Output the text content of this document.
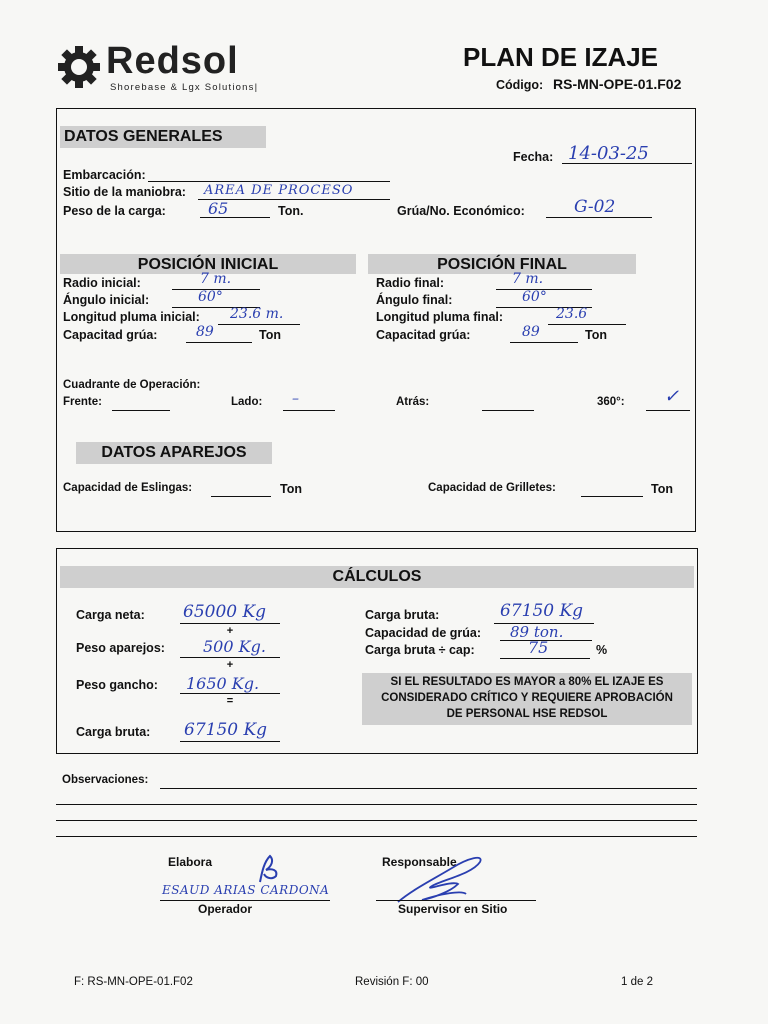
Redsol
Shorebase & Lgx Solutions|
PLAN DE IZAJE
Código: RS-MN-OPE-01.F02
DATOS GENERALES
Fecha: 14-03-25
Embarcación:
Sitio de la maniobra: AREA DE PROCESO
Peso de la carga:	65	Ton.	Grúa/No. Económico:	G-02
POSICIÓN INICIAL
Radio inicial:	7 m.
Ángulo inicial:	60°
Longitud pluma inicial: 23.6 m.
Capacitad grúa:	89	Ton
POSICIÓN FINAL
Radio final:	7 m.
Ángulo final:	60°
Longitud pluma final:	23.6
Capacitad grúa:	89	Ton
Cuadrante de Operación:
Frente:	Lado: –	Atrás:	360°: ✓
DATOS APAREJOS
Capacidad de Eslingas:	Ton	Capacidad de Grilletes:	Ton
CÁLCULOS
Carga neta: 65000 Kg
+
Peso aparejos: 500 Kg.
+
Peso gancho: 1650 Kg.
=
Carga bruta: 67150 Kg
Carga bruta:	67150 Kg
Capacidad de grúa: 89 ton.
Carga bruta ÷ cap:	75	%
SI EL RESULTADO ES MAYOR a 80% EL IZAJE ES
CONSIDERADO CRÍTICO Y REQUIERE APROBACIÓN
DE PERSONAL HSE REDSOL
Observaciones:
Elabora
ESAUD ARIAS CARDONA
Operador
Responsable
Supervisor en Sitio
F: RS-MN-OPE-01.F02	Revisión F: 00	1 de 2
